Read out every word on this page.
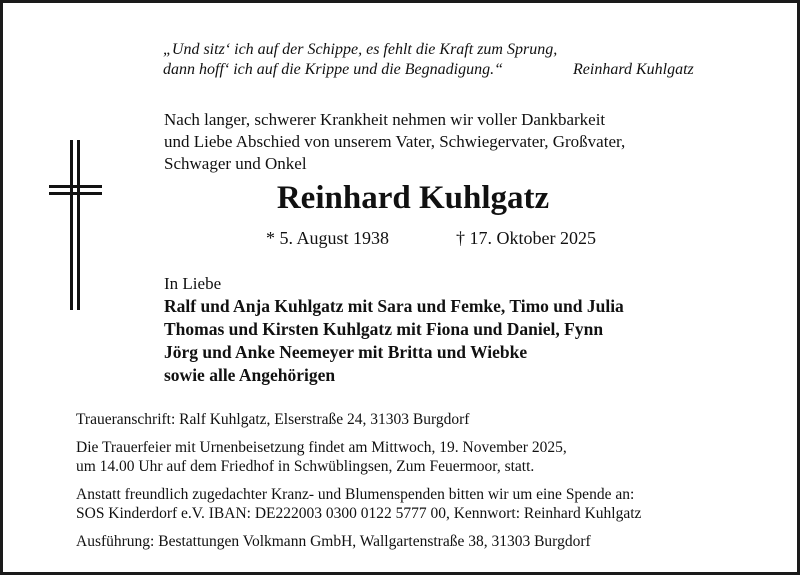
„Und sitz‘ ich auf der Schippe, es fehlt die Kraft zum Sprung,
dann hoff‘ ich auf die Krippe und die Begnadigung.“	Reinhard Kuhlgatz
Nach langer, schwerer Krankheit nehmen wir voller Dankbarkeit
und Liebe Abschied von unserem Vater, Schwiegervater, Großvater,
Schwager und Onkel
Reinhard Kuhlgatz
* 5. August 1938	† 17. Oktober 2025
In Liebe
Ralf und Anja Kuhlgatz mit Sara und Femke, Timo und Julia
Thomas und Kirsten Kuhlgatz mit Fiona und Daniel, Fynn
Jörg und Anke Neemeyer mit Britta und Wiebke
sowie alle Angehörigen
Traueranschrift: Ralf Kuhlgatz, Elserstraße 24, 31303 Burgdorf
Die Trauerfeier mit Urnenbeisetzung findet am Mittwoch, 19. November 2025,
um 14.00 Uhr auf dem Friedhof in Schwüblingsen, Zum Feuermoor, statt.
Anstatt freundlich zugedachter Kranz- und Blumenspenden bitten wir um eine Spende an:
SOS Kinderdorf e.V. IBAN: DE222003 0300 0122 5777 00, Kennwort: Reinhard Kuhlgatz
Ausführung: Bestattungen Volkmann GmbH, Wallgartenstraße 38, 31303 Burgdorf
